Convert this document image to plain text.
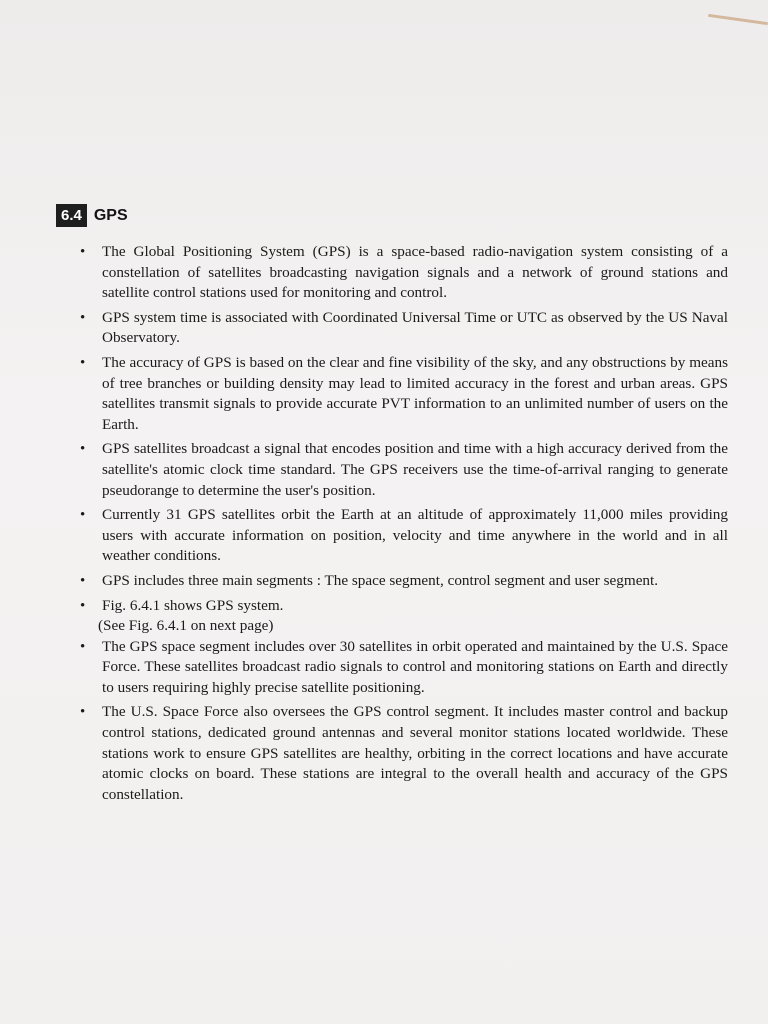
6.4 GPS
• The Global Positioning System (GPS) is a space-based radio-navigation system consisting of a constellation of satellites broadcasting navigation signals and a network of ground stations and satellite control stations used for monitoring and control.
• GPS system time is associated with Coordinated Universal Time or UTC as observed by the US Naval Observatory.
• The accuracy of GPS is based on the clear and fine visibility of the sky, and any obstructions by means of tree branches or building density may lead to limited accuracy in the forest and urban areas. GPS satellites transmit signals to provide accurate PVT information to an unlimited number of users on the Earth.
• GPS satellites broadcast a signal that encodes position and time with a high accuracy derived from the satellite's atomic clock time standard. The GPS receivers use the time-of-arrival ranging to generate pseudorange to determine the user's position.
• Currently 31 GPS satellites orbit the Earth at an altitude of approximately 11,000 miles providing users with accurate information on position, velocity and time anywhere in the world and in all weather conditions.
• GPS includes three main segments : The space segment, control segment and user segment.
• Fig. 6.4.1 shows GPS system.
(See Fig. 6.4.1 on next page)
• The GPS space segment includes over 30 satellites in orbit operated and maintained by the U.S. Space Force. These satellites broadcast radio signals to control and monitoring stations on Earth and directly to users requiring highly precise satellite positioning.
• The U.S. Space Force also oversees the GPS control segment. It includes master control and backup control stations, dedicated ground antennas and several monitor stations located worldwide. These stations work to ensure GPS satellites are healthy, orbiting in the correct locations and have accurate atomic clocks on board. These stations are integral to the overall health and accuracy of the GPS constellation.
